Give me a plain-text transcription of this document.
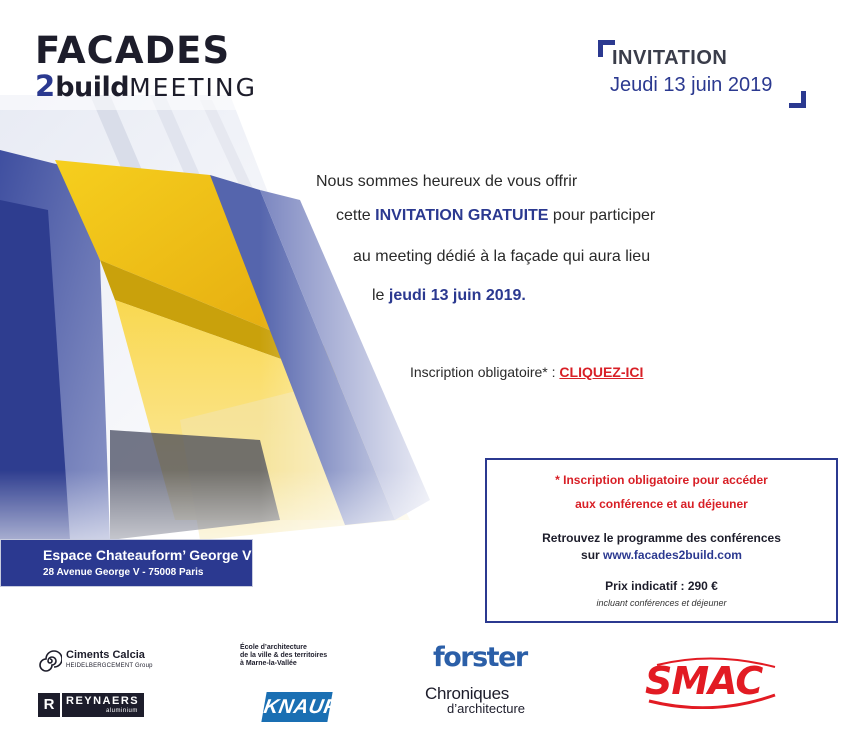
FACADES
2buildMEETING
INVITATION
Jeudi 13 juin 2019
Nous sommes heureux de vous offrir
cette INVITATION GRATUITE pour participer
au meeting dédié à la façade qui aura lieu
le jeudi 13 juin 2019.
Inscription obligatoire* : CLIQUEZ-ICI
* Inscription obligatoire pour accéder
aux conférence et au déjeuner
Retrouvez le programme des conférences
sur www.facades2build.com
Prix indicatif : 290 €
incluant conférences et déjeuner
Espace Chateauform’ George V
28 Avenue George V - 75008 Paris
Ciments Calcia
HEIDELBERGCEMENT Group
R	REYNAERS
aluminium
École d’architecture
de la ville & des territoires
à Marne-la-Vallée
KNAUF
forster
Chroniques
d’architecture
SMAC
